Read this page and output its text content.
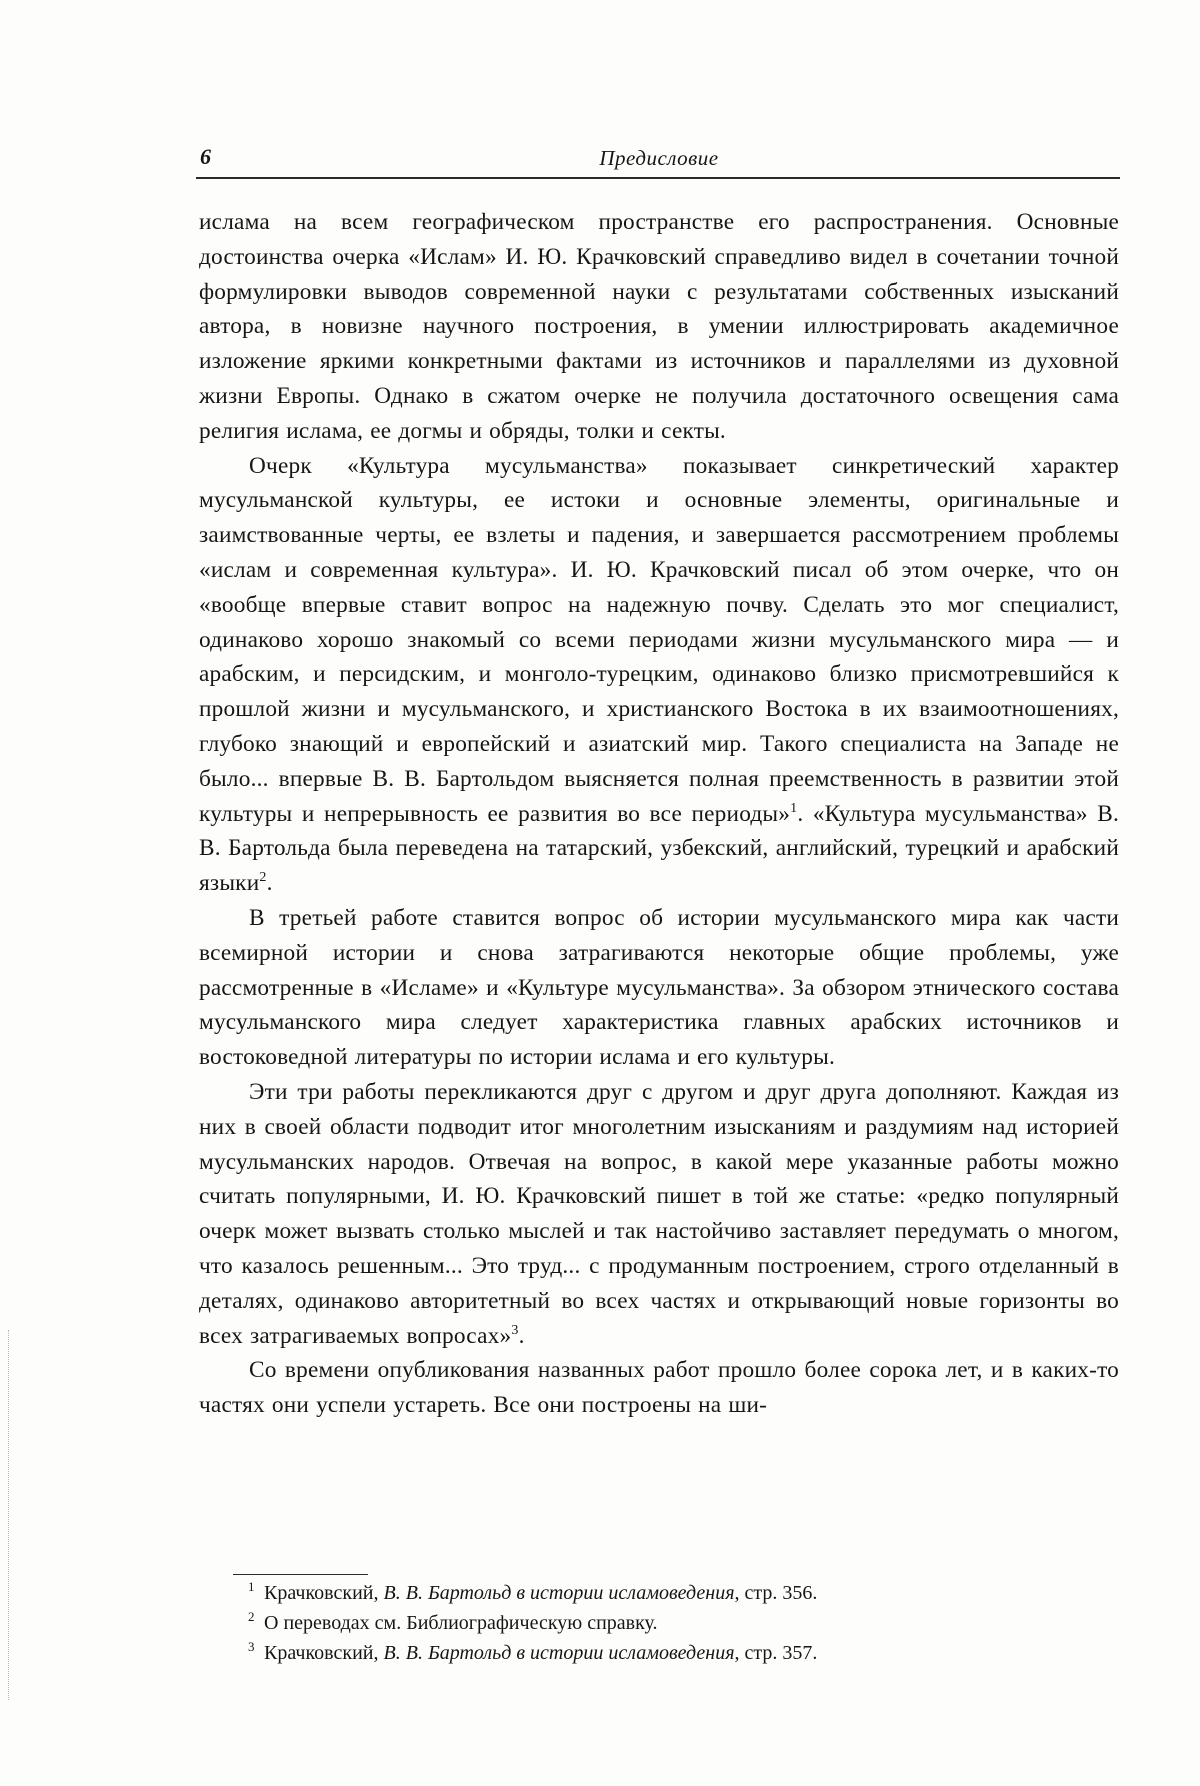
6	Предисловие

ислама на всем географическом пространстве его распространения. Основные достоинства очерка «Ислам» И. Ю. Крачковский справедливо видел в сочетании точной формулировки выводов современной науки с результатами собственных изысканий автора, в новизне научного построения, в умении иллюстрировать академичное изложение яркими конкретными фактами из источников и параллелями из духовной жизни Европы. Однако в сжатом очерке не получила достаточного освещения сама религия ислама, ее догмы и обряды, толки и секты.

Очерк «Культура мусульманства» показывает синкретический характер мусульманской культуры, ее истоки и основные элементы, оригинальные и заимствованные черты, ее взлеты и падения, и завершается рассмотрением проблемы «ислам и современная культура». И. Ю. Крачковский писал об этом очерке, что он «вообще впервые ставит вопрос на надежную почву. Сделать это мог специалист, одинаково хорошо знакомый со всеми периодами жизни мусульманского мира — и арабским, и персидским, и монголо-турецким, одинаково близко присмотревшийся к прошлой жизни и мусульманского, и христианского Востока в их взаимоотношениях, глубоко знающий и европейский и азиатский мир. Такого специалиста на Западе не было... впервые В. В. Бартольдом выясняется полная преемственность в развитии этой культуры и непрерывность ее развития во все периоды»$^1$. «Культура мусульманства» В. В. Бартольда была переведена на татарский, узбекский, английский, турецкий и арабский языки$^2$.

В третьей работе ставится вопрос об истории мусульманского мира как части всемирной истории и снова затрагиваются некоторые общие проблемы, уже рассмотренные в «Исламе» и «Культуре мусульманства». За обзором этнического состава мусульманского мира следует характеристика главных арабских источников и востоковедной литературы по истории ислама и его культуры.

Эти три работы перекликаются друг с другом и друг друга дополняют. Каждая из них в своей области подводит итог многолетним изысканиям и раздумиям над историей мусульманских народов. Отвечая на вопрос, в какой мере указанные работы можно считать популярными, И. Ю. Крачковский пишет в той же статье: «редко популярный очерк может вызвать столько мыслей и так настойчиво заставляет передумать о многом, что казалось решенным... Это труд... с продуманным построением, строго отделанный в деталях, одинаково авторитетный во всех частях и открывающий новые горизонты во всех затрагиваемых вопросах»$^3$.

Со времени опубликования названных работ прошло более сорока лет, и в каких-то частях они успели устареть. Все они построены на ши-

1 Крачковский, В. В. Бартольд в истории исламоведения, стр. 356.
2 О переводах см. Библиографическую справку.
3 Крачковский, В. В. Бартольд в истории исламоведения, стр. 357.
